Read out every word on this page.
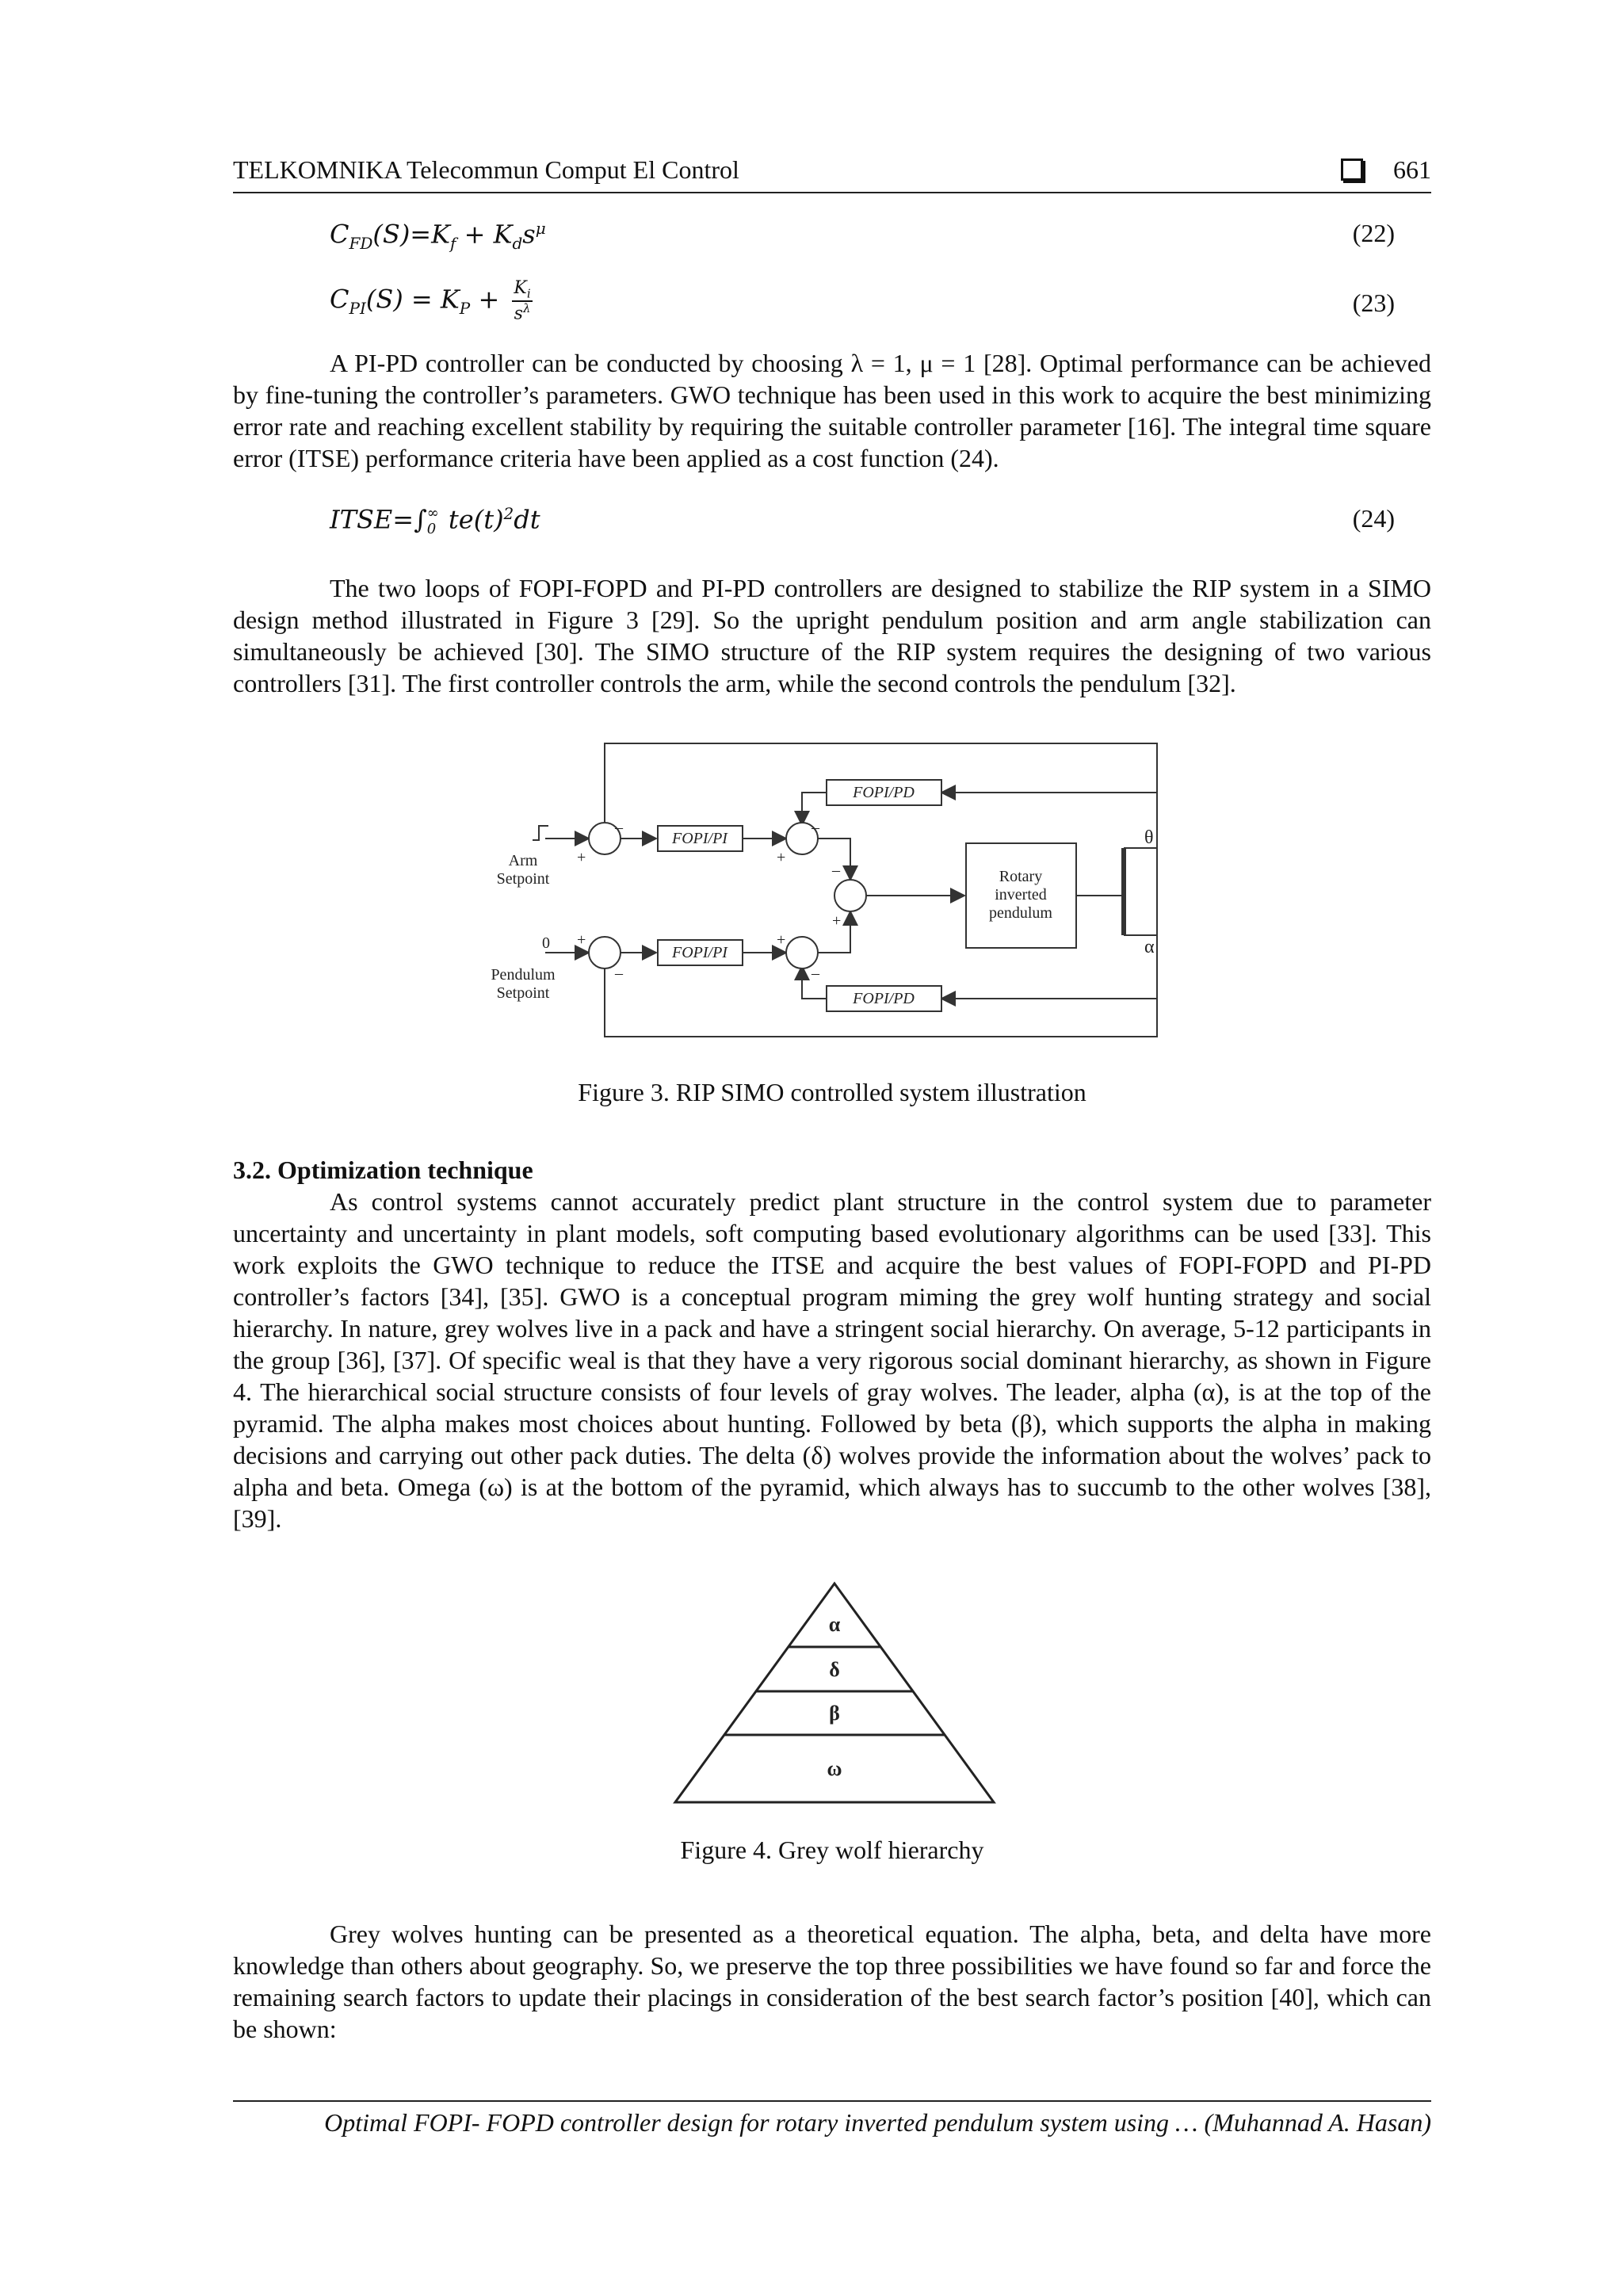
TELKOMNIKA Telecommun Comput El Control	661
$C_{FD}(S)=K_f + K_ds^\mu$	(22)
$C_{PI}(S) = K_P + \frac{K_i}{s^\lambda}$	(23)

A PI-PD controller can be conducted by choosing λ = 1, μ = 1 [28]. Optimal performance can be achieved by fine-tuning the controller’s parameters. GWO technique has been used in this work to acquire the best minimizing error rate and reaching excellent stability by requiring the suitable controller parameter [16]. The integral time square error (ITSE) performance criteria have been applied as a cost function (24).

ITSE=∫ ∞
0 $te(t)^2dt$	(24)

The two loops of FOPI-FOPD and PI-PD controllers are designed to stabilize the RIP system in a SIMO design method illustrated in Figure 3 [29]. So the upright pendulum position and arm angle stabilization can simultaneously be achieved [30]. The SIMO structure of the RIP system requires the designing of two various controllers [31]. The first controller controls the arm, while the second controls the pendulum [32].

FOPI/PI
FOPI/PI
FOPI/PD
FOPI/PD
Rotary
inverted
pendulum
Arm
Setpoint
Pendulum
Setpoint
0
θ
α
+
–
+
–
+
–
+
–
–
+
Figure 3. RIP SIMO controlled system illustration
3.2. Optimization technique

As control systems cannot accurately predict plant structure in the control system due to parameter uncertainty and uncertainty in plant models, soft computing based evolutionary algorithms can be used [33]. This work exploits the GWO technique to reduce the ITSE and acquire the best values of FOPI-FOPD and PI-PD controller’s factors [34], [35]. GWO is a conceptual program miming the grey wolf hunting strategy and social hierarchy. In nature, grey wolves live in a pack and have a stringent social hierarchy. On average, 5-12 participants in the group [36], [37]. Of specific weal is that they have a very rigorous social dominant hierarchy, as shown in Figure 4. The hierarchical social structure consists of four levels of gray wolves. The leader, alpha (α), is at the top of the pyramid. The alpha makes most choices about hunting. Followed by beta (β), which supports the alpha in making decisions and carrying out other pack duties. The delta (δ) wolves provide the information about the wolves’ pack to alpha and beta. Omega (ω) is at the bottom of the pyramid, which always has to succumb to the other wolves [38], [39].

α
δ
β
ω
Figure 4. Grey wolf hierarchy

Grey wolves hunting can be presented as a theoretical equation. The alpha, beta, and delta have more knowledge than others about geography. So, we preserve the top three possibilities we have found so far and force the remaining search factors to update their placings in consideration of the best search factor’s position [40], which can be shown:

Optimal FOPI- FOPD controller design for rotary inverted pendulum system using … (Muhannad A. Hasan)
